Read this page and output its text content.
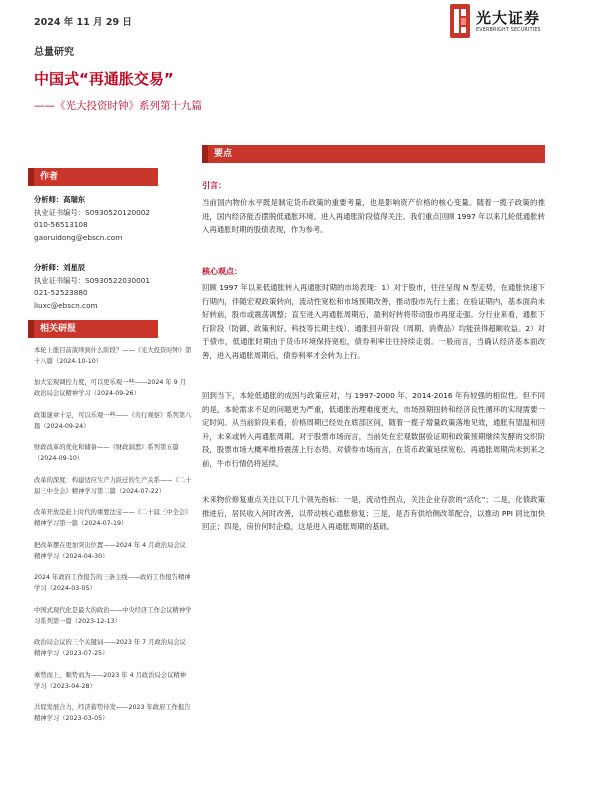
2024 年 11 月 29 日	光大证券
EVERBRIGHT SECURITIES
总量研究
中国式“再通胀交易”
——《光大投资时钟》系列第十九篇
要点
引言：
当前国内物价水平既是制定货币政策的重要考量，也是影响资产价格的核心变量。随着一揽子政策的推进，国内经济能否摆脱低通胀环境、进入再通胀阶段值得关注。我们重点回顾 1997 年以来几轮低通胀转入再通胀时期的股债表现，作为参考。
核心观点：

回顾 1997 年以来低通胀转入再通胀时期的市场表现：1）对于股市，往往呈现 N 型走势，在通胀快速下行期内，伴随宏观政策转向，流动性宽松和市场预期改善，推动股市先行上涨；在验证期内，基本面尚未好转前，股市或震荡调整；直至进入再通胀周期后，盈利好转将带动股市再度走强。分行业来看，通胀下行阶段（防御、政策利好、科技等长期主线）、通胀回升阶段（周期、消费品）均能获得超额收益。2）对于债市，低通胀时期由于货币环境保持宽松，债券利率往往持续走弱。一般而言，当确认经济基本面改善，进入再通胀周期后，债券利率才会转为上行。

回到当下，本轮低通胀的成因与政策应对，与 1997-2000 年、2014-2016 年有较强的相似性。但不同的是，本轮需求不足的问题更为严重，低通胀治理难度更大，市场预期扭转和经济良性循环的实现需要一定时间。从当前阶段来看，价格周期已经处在底部区间，随着一揽子增量政策落地见效，通胀有望温和回升，未来或转入再通胀周期。对于股票市场而言，当前处在宏观数据验证期和政策预期继续发酵的交织阶段，股票市场大概率维持震荡上行态势。对债券市场而言，在货币政策延续宽松、再通胀周期尚未到来之前，牛市行情仍将延续。

未来物价修复重点关注以下几个领先指标：一是，流动性拐点，关注企业存款的“活化”；二是，化债政策推进后，居民收入何时改善，以带动核心通胀修复；三是，是否有供给侧改革配合，以推动 PPI 同比加快回正；四是，房价何时企稳，这是进入再通胀周期的基础。

作者
分析师：高瑞东
执业证书编号：S0930520120002
010-56513108
gaoruidong@ebscn.com
分析师：刘星辰
执业证书编号：S0930522030001
021-52523880
liuxc@ebscn.com
相关研报
本轮上涨目前演绎到什么阶段？——《光大投资时钟》第十八篇（2024-10-10）
加大宏观调控力度，可以更乐观一些——2024 年 9 月政治局会议精神学习（2024-09-26）
政策谜章十足，可以乐观一些——《央行观察》系列第八篇（2024-09-24）
财政改革的优化和储备——《财政洞悉》系列第五篇（2024-09-10）
改革的深度：构建适应生产力跃迁的生产关系——《二十届三中全会》精神学习第二篇（2024-07-22）
改革开放是赶上时代的重要法宝——《二十届三中全会》精神学习第一篇（2024-07-19）
把改革摆在更加突出位置——2024 年 4 月政治局会议精神学习（2024-04-30）
2024 年政府工作报告的三条主线——政府工作报告精神学习（2024-03-05）
中国式现代化是最大的政治——中央经济工作会议精神学习系列第一篇（2023-12-13）
政治局会议的三个关键词——2023 年 7 月政治局会议精神学习（2023-07-25）
乘势而上，顺势而为——2023 年 4 月政治局会议精神学习（2023-04-28）
共促发展合力，经济蓄势待发——2023 年政府工作报告精神学习（2023-03-05）
